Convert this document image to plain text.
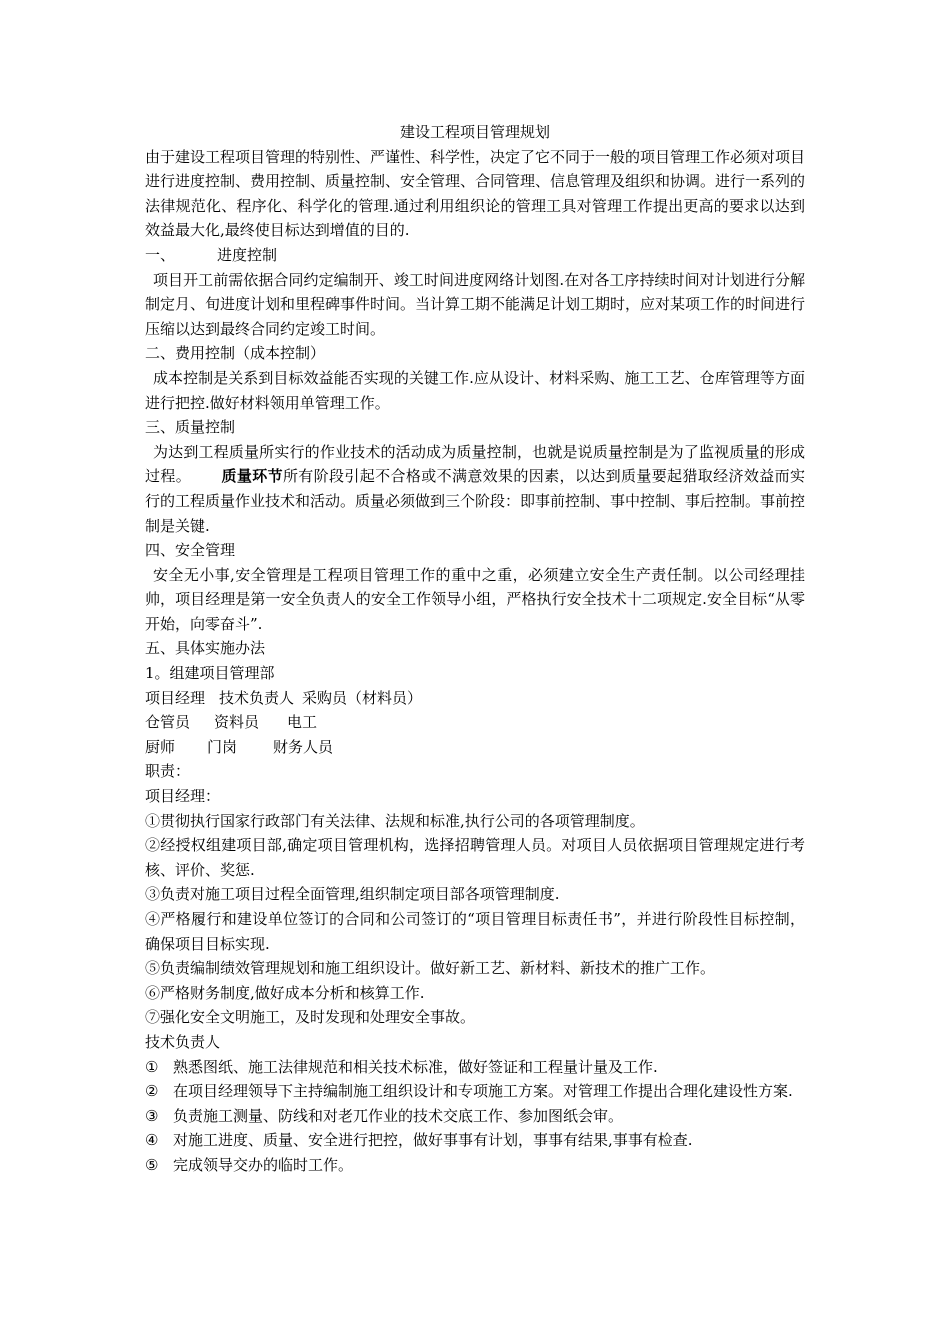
建设工程项目管理规划

由于建设工程项目管理的特别性、严谨性、科学性，决定了它不同于一般的项目管理工作必须对项目进行进度控制、费用控制、质量控制、安全管理、合同管理、信息管理及组织和协调。进行一系列的法律规范化、程序化、科学化的管理.通过利用组织论的管理工具对管理工作提出更高的要求以达到效益最大化,最终使目标达到增值的目的.

一、	进度控制

项目开工前需依据合同约定编制开、竣工时间进度网络计划图.在对各工序持续时间对计划进行分解制定月、旬进度计划和里程碑事件时间。当计算工期不能满足计划工期时，应对某项工作的时间进行压缩以达到最终合同约定竣工时间。

二、费用控制（成本控制）

成本控制是关系到目标效益能否实现的关键工作.应从设计、材料采购、施工工艺、仓库管理等方面进行把控.做好材料领用单管理工作。

三、质量控制

为达到工程质量所实行的作业技术的活动成为质量控制，也就是说质量控制是为了监视质量的形成过程。 质量环节所有阶段引起不合格或不满意效果的因素，以达到质量要起猎取经济效益而实行的工程质量作业技术和活动。质量必须做到三个阶段：即事前控制、事中控制、事后控制。事前控制是关键.

四、安全管理

安全无小事,安全管理是工程项目管理工作的重中之重，必须建立安全生产责任制。以公司经理挂帅，项目经理是第一安全负责人的安全工作领导小组，严格执行安全技术十二项规定.安全目标“从零开始，向零奋斗”.

五、具体实施办法

1。组建项目管理部

项目经理 技术负责人 采购员（材料员）

仓管员 资料员 电工

厨师 门岗 财务人员

职责：

项目经理：

①贯彻执行国家行政部门有关法律、法规和标准,执行公司的各项管理制度。

②经授权组建项目部,确定项目管理机构，选择招聘管理人员。对项目人员依据项目管理规定进行考核、评价、奖惩.

③负责对施工项目过程全面管理,组织制定项目部各项管理制度.

④严格履行和建设单位签订的合同和公司签订的“项目管理目标责任书”，并进行阶段性目标控制，确保项目目标实现.

⑤负责编制绩效管理规划和施工组织设计。做好新工艺、新材料、新技术的推广工作。

⑥严格财务制度,做好成本分析和核算工作.

⑦强化安全文明施工，及时发现和处理安全事故。

技术负责人

① 熟悉图纸、施工法律规范和相关技术标准，做好签证和工程量计量及工作.
② 在项目经理领导下主持编制施工组织设计和专项施工方案。对管理工作提出合理化建设性方案.
③ 负责施工测量、防线和对老兀作业的技术交底工作、参加图纸会审。
④ 对施工进度、质量、安全进行把控，做好事事有计划，事事有结果,事事有检查.
⑤ 完成领导交办的临时工作。
